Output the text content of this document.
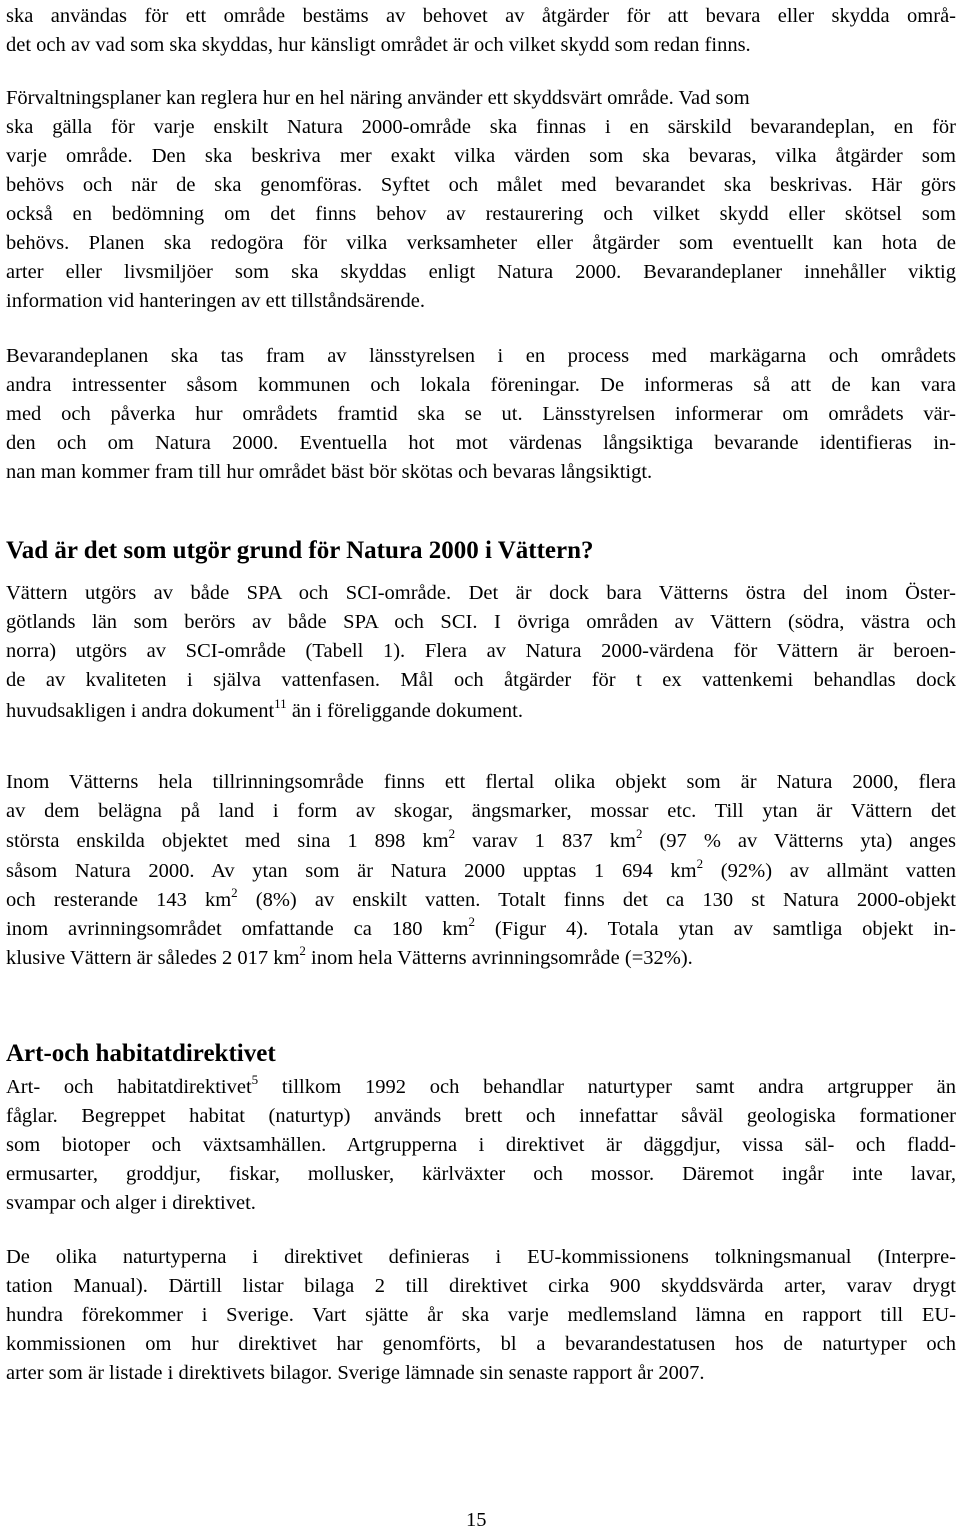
ska användas för ett område bestäms av behovet av åtgärder för att bevara eller skydda områ-
det och av vad som ska skyddas, hur känsligt området är och vilket skydd som redan finns.
Förvaltningsplaner kan reglera hur en hel näring använder ett skyddsvärt område. Vad som
ska gälla för varje enskilt Natura 2000-område ska finnas i en särskild bevarandeplan, en för
varje område. Den ska beskriva mer exakt vilka värden som ska bevaras, vilka åtgärder som
behövs och när de ska genomföras. Syftet och målet med bevarandet ska beskrivas. Här görs
också en bedömning om det finns behov av restaurering och vilket skydd eller skötsel som
behövs. Planen ska redogöra för vilka verksamheter eller åtgärder som eventuellt kan hota de
arter eller livsmiljöer som ska skyddas enligt Natura 2000. Bevarandeplaner innehåller viktig
information vid hanteringen av ett tillståndsärende.
Bevarandeplanen ska tas fram av länsstyrelsen i en process med markägarna och områdets
andra intressenter såsom kommunen och lokala föreningar. De informeras så att de kan vara
med och påverka hur områdets framtid ska se ut. Länsstyrelsen informerar om områdets vär-
den och om Natura 2000. Eventuella hot mot värdenas långsiktiga bevarande identifieras in-
nan man kommer fram till hur området bäst bör skötas och bevaras långsiktigt.
Vad är det som utgör grund för Natura 2000 i Vättern?
Vättern utgörs av både SPA och SCI-område. Det är dock bara Vätterns östra del inom Öster-
götlands län som berörs av både SPA och SCI. I övriga områden av Vättern (södra, västra och
norra) utgörs av SCI-område (Tabell 1). Flera av Natura 2000-värdena för Vättern är beroen-
de av kvaliteten i själva vattenfasen. Mål och åtgärder för t ex vattenkemi behandlas dock
huvudsakligen i andra dokument$^{11}$ än i föreliggande dokument.
Inom Vätterns hela tillrinningsområde finns ett flertal olika objekt som är Natura 2000, flera
av dem belägna på land i form av skogar, ängsmarker, mossar etc. Till ytan är Vättern det
största enskilda objektet med sina 1 898 $km^2$ varav 1 837 $km^2$ (97 % av Vätterns yta) anges
såsom Natura 2000. Av ytan som är Natura 2000 upptas 1 694 $km^2$ (92%) av allmänt vatten
och resterande 143 $km^2$ (8%) av enskilt vatten. Totalt finns det ca 130 st Natura 2000-objekt
inom avrinningsområdet omfattande ca 180 $km^2$ (Figur 4). Totala ytan av samtliga objekt in-
klusive Vättern är således 2 017 $km^2$ inom hela Vätterns avrinningsområde (=32%).
Art-och habitatdirektivet
Art- och habitatdirektivet$^5$ tillkom 1992 och behandlar naturtyper samt andra artgrupper än
fåglar. Begreppet habitat (naturtyp) används brett och innefattar såväl geologiska formationer
som biotoper och växtsamhällen. Artgrupperna i direktivet är däggdjur, vissa säl- och fladd-
ermusarter, groddjur, fiskar, mollusker, kärlväxter och mossor. Däremot ingår inte lavar,
svampar och alger i direktivet.
De olika naturtyperna i direktivet definieras i EU-kommissionens tolkningsmanual (Interpre-
tation Manual). Därtill listar bilaga 2 till direktivet cirka 900 skyddsvärda arter, varav drygt
hundra förekommer i Sverige. Vart sjätte år ska varje medlemsland lämna en rapport till EU-
kommissionen om hur direktivet har genomförts, bl a bevarandestatusen hos de naturtyper och
arter som är listade i direktivets bilagor. Sverige lämnade sin senaste rapport år 2007.
15
